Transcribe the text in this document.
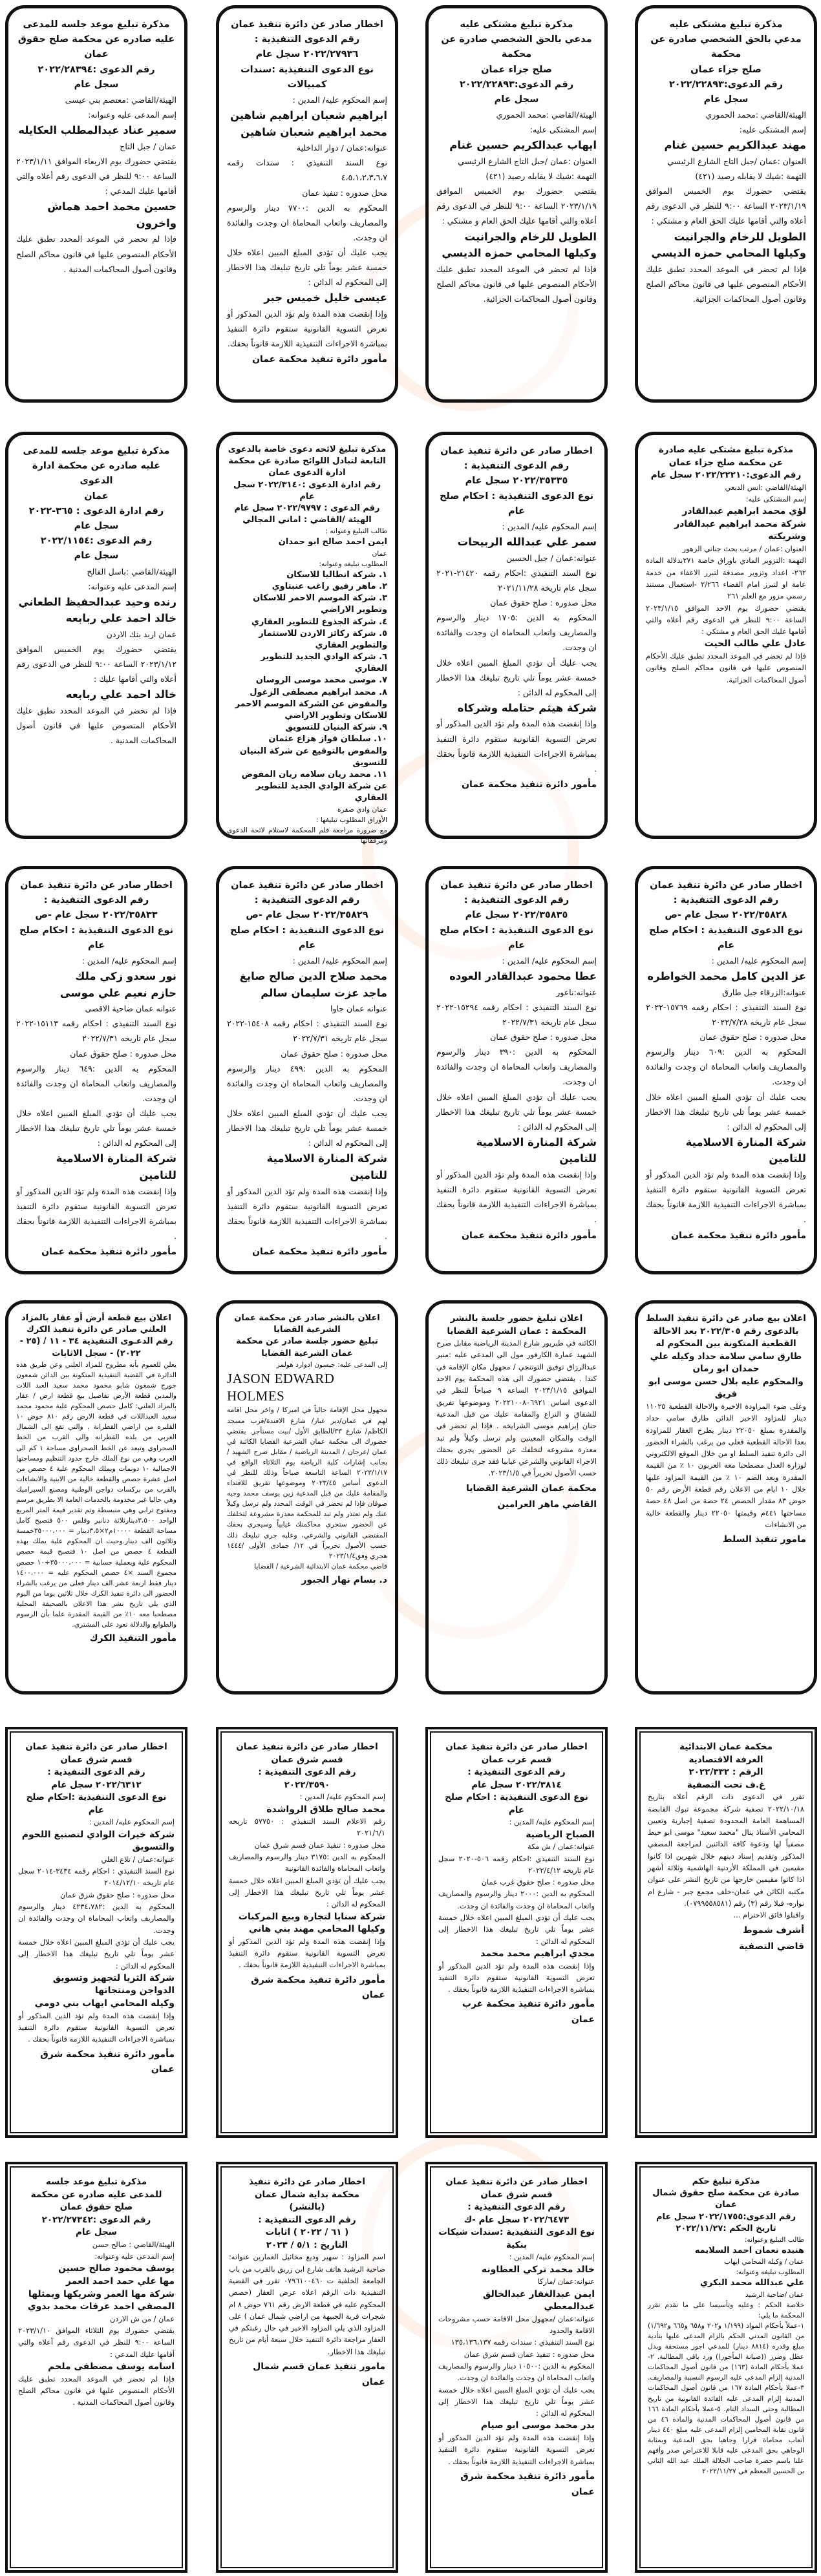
مذكرة تبليغ مشتكى عليه
مدعي بالحق الشخصي صادرة عن محكمة
صلح جزاء عمان
رقم الدعوى:٢٠٢٢/٢٢٨٩٣
سجل عام
الهيئة/القاضي :محمد الحموري
إسم المشتكى عليه:
مهند عبدالكريم حسين غنام
العنوان :عمان /جبل التاج الشارع الرئيسي
التهمة :شيك لا يقابله رصيد (٤٢١)
يقتضي حضورك يوم الخميس الموافق ٢٠٢٣/١/١٩ الساعة ٩:٠٠ للنظر في الدعوى رقم أعلاه والتي أقامها عليك الحق العام و مشتكي :
الطويل للرخام والجرانيت
وكيلها المحامي حمزه الديسي
فإذا لم تحضر في الموعد المحدد تطبق عليك الأحكام المنصوص عليها في قانون محاكم الصلح وقانون أصول المحاكمات الجزائية.
مذكرة تبليغ مشتكى عليه
مدعي بالحق الشخصي صادرة عن محكمة
صلح جزاء عمان
رقم الدعوى:٢٠٢٢/٢٢٨٩٣
سجل عام
الهيئة/القاضي :محمد الحموري
إسم المشتكى عليه:
ايهاب عبدالكريم حسين غنام
العنوان :عمان /جبل التاج الشارع الرئيسي
التهمة :شيك لا يقابله رصيد (٤٢١)
يقتضي حضورك يوم الخميس الموافق ٢٠٢٣/١/١٩ الساعة ٩:٠٠ للنظر في الدعوى رقم أعلاه والتي أقامها عليك الحق العام و مشتكي :
الطويل للرخام والجرانيت
وكيلها المحامي حمزه الديسي
فإذا لم تحضر في الموعد المحدد تطبق عليك الأحكام المنصوص عليها في قانون محاكم الصلح وقانون أصول المحاكمات الجزائية.
اخطار صادر عن دائرة تنفيذ عمان
رقم الدعوى التنفيذية :
٢٠٢٢/٢٧٩٣٦ سجل عام
نوع الدعوى التنفيذية :سندات كمبيالات
إسم المحكوم عليه/ المدين :
ابراهيم شعبان ابراهيم شاهين
محمد ابراهيم شعبان شاهين
عنوانه:عمان / دوار الداخلية
نوع السند التنفيذي : سندات رقمه ٤،٥،١،٢،٣،٦،٧
محل صدوره : تنفيذ عمان
المحكوم به الدين :٧٧٠٠ دينار والرسوم والمصاريف واتعاب المحاماة ان وجدت والفائدة ان وجدت.
يجب عليك أن تؤدي المبلغ المبين اعلاه خلال خمسة عشر يوماً تلي تاريخ تبليغك هذا الاخطار إلى المحكوم له الدائن :
عيسى خليل خميس جبر
وإذا إنقضت هذه المدة ولم تؤد الدين المذكور أو تعرض التسوية القانونية ستقوم دائرة التنفيذ بمباشرة الاجراءات التنفيذية اللازمة قانوناً بحقك.
مأمور دائرة تنفيذ محكمة عمان
مذكرة تبليغ موعد جلسه للمدعى
عليه صادره عن محكمة صلح حقوق عمان
رقم الدعوى :٢٠٢٢/٢٨٣٩٤
سجل عام
الهيئة/القاضي :معتصم بني عيسى
إسم المدعى عليه وعنوانه:
سمير عناد عبدالمطلب العكايله
عمان / جبل التاج
يقتضي حضورك يوم الاربعاء الموافق ٢٠٢٣/١/١١ الساعة ٩:٠٠ للنظر في الدعوى رقم أعلاه والتي أقامها عليك المدعي :
حسين محمد احمد هماش واخرون
فإذا لم تحضر في الموعد المحدد تطبق عليك الأحكام المنصوص عليها في قانون محاكم الصلح وقانون أصول المحاكمات المدنية .
مذكرة تبليغ مشتكى عليه صادرة
عن محكمة صلح جزاء عمان
رقم الدعوى:٢٠٢٢/٢٢٢١٠ سجل عام
الهيئة/القاضي :انس الدبعي
إسم المشتكى عليه:
لؤي محمد ابراهيم عبدالقادر
شركة محمد ابراهيم عبدالقادر وشريكته
العنوان :عمان / مرتب بحث جناني الزهور
التهمة :التزوير المادي باوراق خاصة ٢٧١بدلالة المادة ٢٦٢- اعداد وتزوير مصدقة لتبرر الاعفاء من خدمة عامة او لتبرز امام القضاء ٢/٢٦٦ -استعمال مستند رسمي مزور مع العلم ٢٦١
يقتضي حضورك يوم الاحد الموافق ٢٠٢٣/١/١٥ الساعة ٩:٠٠ للنظر في الدعوى رقم أعلاه والتي أقامها عليك الحق العام و مشتكي :
عادل علي طالب الحيت
فإذا لم تحضر في الموعد المحدد تطبق عليك الأحكام المنصوص عليها في قانون محاكم الصلح وقانون أصول المحاكمات الجزائية.
اخطار صادر عن دائرة تنفيذ عمان
رقم الدعوى التنفيذية :
٢٠٢٢/٣٥٣٣٥ سجل عام
نوع الدعوى التنفيذية : احكام صلح عام
إسم المحكوم عليه/ المدين :
سمر علي عبدالله الربيحات
عنوانه:عمان / جبل الحسين
نوع السند التنفيذي :احكام رقمه ٢١٤٢٠-٢٠٢١ سجل عام تاريخه ٢٠٢١/١١/٢٨
محل صدوره : صلح حقوق عمان
المحكوم به الدين :١٧٠٥ دينار والرسوم والمصاريف واتعاب المحاماة ان وجدت والفائدة ان وجدت.
يجب عليك أن تؤدي المبلغ المبين اعلاه خلال خمسة عشر يوماً تلي تاريخ تبليغك هذا الاخطار إلى المحكوم له الدائن :
شركة هيثم حتامله وشركاه
وإذا إنقضت هذه المدة ولم تؤد الدين المذكور أو تعرض التسوية القانونية ستقوم دائرة التنفيذ بمباشرة الاجراءات التنفيذية اللازمة قانوناً بحقك .
مأمور دائرة تنفيذ محكمة عمان
مذكرة تبليغ لائحه دعوى خاصة بالدعوى التابعة لتبادل اللوائح صادرة عن محكمة ادارة الدعوى عمان
رقم ادارة الدعوى :٢٠٢٢/٣١٤٠ سجل عام
رقم الدعوى : ٢٠٢٢/٩٧٩٧ سجل عام
الهيئة /القاضي : اماني المجالي
طالب التبليغ وعنوانه :
ايمن احمد صالح ابو حمدان
عمان
المطلوب تبليغه وعنوانه:
١. شركة انطاليا للاسكان
٢. ماهر رفيق راغب عنبتاوي
٣. شركة الموسم الاحمر للاسكان وتطوير الاراضي
٤. شركة الجذوع للتطوير العقاري
٥. شركة ركائز الاردن للاستثمار والتطوير العقاري
٦. شركة الوادي الجديد للتطوير العقاري
٧. موسى محمد موسى الروسان
٨. محمد ابراهيم مصطفى الزغول والمفوض عن الشركة الموسم الاحمر للاسكان وتطوير الاراضي
٩. شركة البنيان للتسويق
١٠. سلطان فواز هزاع عثمان والمفوض بالتوقيع عن شركة البنيان للتسويق
١١. محمد ريان سلامه ريان المفوض عن شركة الوادي الجديد للتطوير العقاري
عمان وادي صقرة
الأوراق المطلوب تبليغها :
مع ضرورة مراجعة قلم المحكمة لاستلام لائحة الدعوى ومرفقاتها
مذكرة تبليغ موعد جلسه للمدعى
عليه صادره عن محكمة ادارة الدعوى
عمان
رقم ادارة الدعوى : ٣٦٥-٢٠٢٢
سجل عام
رقم الدعوى :٢٠٢٢/١١٥٤
سجل عام
الهيئة/القاضي :باسل الفالح
إسم المدعى عليه وعنوانه:
رنده وحيد عبدالحفيظ الطعاني
خالد احمد علي ربابعه
عمان اربد بنك الاردن
يقتضي حضورك يوم الخميس الموافق ٢٠٢٣/١/١٢ الساعة ٩:٠٠ للنظر في الدعوى رقم أعلاه والتي أقامها عليك :
خالد احمد علي ربابعه
فإذا لم تحضر في الموعد المحدد تطبق عليك الأحكام المنصوص عليها في قانون أصول المحاكمات المدنية .
اخطار صادر عن دائرة تنفيذ عمان
رقم الدعوى التنفيذية :
٢٠٢٢/٣٥٨٢٨ سجل عام -ص
نوع الدعوى التنفيذية : احكام صلح عام
إسم المحكوم عليه/ المدين :
عز الدين كامل محمد الخواطره
عنوانه:الزرقاء جبل طارق
نوع السند التنفيذي : احكام رقمه ١٥٧٦٩-٢٠٢٢ سجل عام تاريخه ٢٠٢٢/٧/٢٨
محل صدوره : صلح حقوق عمان
المحكوم به الدين :٦٠٩ دينار والرسوم والمصاريف واتعاب المحاماة ان وجدت والفائدة ان وجدت.
يجب عليك أن تؤدي المبلغ المبين اعلاه خلال خمسة عشر يوماً تلي تاريخ تبليغك هذا الاخطار إلى المحكوم له الدائن :
شركة المنارة الاسلامية للتامين
وإذا إنقضت هذه المدة ولم تؤد الدين المذكور أو تعرض التسوية القانونية ستقوم دائرة التنفيذ بمباشرة الاجراءات التنفيذية اللازمة قانوناً بحقك .
مأمور دائرة تنفيذ محكمة عمان
اخطار صادر عن دائرة تنفيذ عمان
رقم الدعوى التنفيذية :
٢٠٢٢/٣٥٨٣٥ سجل عام
نوع الدعوى التنفيذية : احكام صلح عام
إسم المحكوم عليه/ المدين :
عطا محمود عبدالقادر العوده
عنوانه:ناعور
نوع السند التنفيذي : احكام رقمه ١٥٢٩٤-٢٠٢٢ سجل عام تاريخه ٢٠٢٢/٧/٣١
محل صدوره : صلح حقوق عمان
المحكوم به الدين :٣٩٠ دينار والرسوم والمصاريف واتعاب المحاماة ان وجدت والفائدة ان وجدت.
يجب عليك أن تؤدي المبلغ المبين اعلاه خلال خمسة عشر يوماً تلي تاريخ تبليغك هذا الاخطار إلى المحكوم له الدائن :
شركة المنارة الاسلامية للتامين
وإذا إنقضت هذه المدة ولم تؤد الدين المذكور أو تعرض التسوية القانونية ستقوم دائرة التنفيذ بمباشرة الاجراءات التنفيذية اللازمة قانوناً بحقك .
مأمور دائرة تنفيذ محكمة عمان
اخطار صادر عن دائرة تنفيذ عمان
رقم الدعوى التنفيذية :
٢٠٢٢/٣٥٨٢٩ سجل عام -ص
نوع الدعوى التنفيذية : احكام صلح عام
إسم المحكوم عليه/ المدين :
محمد صلاح الدين صالح صايغ
ماجد عزت سليمان سالم
عنوانه عمان جاوا
نوع السند التنفيذي : احكام رقمه ١٥٤٠٨-٢٠٢٢ سجل عام تاريخه ٢٠٢٢/٧/٣١
محل صدوره : صلح حقوق عمان
المحكوم به الدين :٤٩٩ دينار والرسوم والمصاريف واتعاب المحاماة ان وجدت والفائدة ان وجدت.
يجب عليك أن تؤدي المبلغ المبين اعلاه خلال خمسة عشر يوماً تلي تاريخ تبليغك هذا الاخطار إلى المحكوم له الدائن :
شركة المنارة الاسلامية للتامين
وإذا إنقضت هذه المدة ولم تؤد الدين المذكور أو تعرض التسوية القانونية ستقوم دائرة التنفيذ بمباشرة الاجراءات التنفيذية اللازمة قانوناً بحقك .
مأمور دائرة تنفيذ محكمة عمان
اخطار صادر عن دائرة تنفيذ عمان
رقم الدعوى التنفيذية :
٢٠٢٢/٣٥٨٣٣ سجل عام -ص
نوع الدعوى التنفيذية : احكام صلح عام
إسم المحكوم عليه/ المدين :
نور سعدو زكي ملك
حازم نعيم علي موسى
عنوانه عمان ضاحية الاقصى
نوع السند التنفيذي : احكام رقمه ١٥١١٣-٢٠٢٢ سجل عام تاريخه ٢٠٢٢/٧/٣١
محل صدوره : صلح حقوق عمان
المحكوم به الدين :٦٤٩ دينار والرسوم والمصاريف واتعاب المحاماة ان وجدت والفائدة ان وجدت.
يجب عليك أن تؤدي المبلغ المبين اعلاه خلال خمسة عشر يوماً تلي تاريخ تبليغك هذا الاخطار إلى المحكوم له الدائن :
شركة المنارة الاسلامية للتامين
وإذا إنقضت هذه المدة ولم تؤد الدين المذكور أو تعرض التسوية القانونية ستقوم دائرة التنفيذ بمباشرة الاجراءات التنفيذية اللازمة قانوناً بحقك .
مأمور دائرة تنفيذ محكمة عمان
اعلان بيع صادر عن دائرة تنفيذ السلط بالدعوى رقم ٢٠٢٢/٣٠٥ بعد الاحالة القطعية المتكونة بين المحكوم له طارق سامي سلامة حداد وكيله علي حمدان ابو رمان
والمحكوم عليه بلال حسن موسى ابو قريق
وعلى ضوء المزاودة الاخيرة والاحالة القطعية ١١٠٢٥ دينار للمزاود الاخير الدائن طارق سامي حداد والمقدرة بمبلغ ٢٢٠٥٠ دينار يطرح العقار للمزاودة بعدا الاحالة القطعية فعلى من يرغب بالشراء الحضور الى دائرة تنفيذ السلط او من خلال الموقع الالكتروني لوزارة العدل مصطحبا معه العربون ١٠ ٪ من القيمة المقدرة وبعد الضم ١٠ ٪ من القيمة المزاود عليها خلال ١٠ ايام من الاعلان رقم قطعة الأرض رقم ٥٠ حوض ٨٣ مقدار الحصص ٢٤ حصة من اصل ٤٨ حصة مساحتها ٤٤١م وقيمتها ٢٢٠٥٠ دينار والقطعة خالية من الانشاءات
مامور تنفيذ السلط
اعلان تبليغ حضور جلسة بالنشر
المحكمة : عمان الشرعية القضايا
الكائنه في طبربور شارع المدينة الرياضية مقابل صرح الشهيد عمارة الكارفور مول الى المدعى عليه :منير عبدالرزاق توفيق التوتنجي / مجهول مكان الإقامة في كندا . يقتضي حضورك الى هذه المحكمة يوم الاحد الموافق ٢٠٢٣/١/١٥ الساعة ٩ صباحاً للنظر في الدعوى اساس ٢٠٢٢١٠٠٨٠٦٩٢١ وموضوعها تفريق للشقاق و النزاع والمقامة عليك من قبل المدعية حنان إبراهيم موسى الشرايخه . فإذا لم تحضر في الوقت والمكان المعينين ولم ترسل وكيلاً ولم تبد معذرة مشروعه لتخلفك عن الحضور يجري بحقك الاجراء القانوني والشرعي غيابيا فقد جرى تبليغك ذلك حسب الأصول تحريراً في ٢٠٢٣/١/٥.
محكمة عمان الشرعية القضايا
القاضي ماهر العرامين
اعلان بالنشر صادر عن محكمة عمان الشرعية القضايا
تبليغ حضور جلسة صادر عن محكمة عمان الشرعية القضايا
إلى المدعى عليه: جيسون ادوارد هولمز
JASON EDWARD HOLMES
مجهول محل الإقامة حالياً في اميركا / واخر محل اقامه لهم في عمان/دير غبار/ شارع الافندة/قرب مسجد الكاظم/ شارع ٣٣/الطابق الأول /بيت مستأجر. يقتضي حضورك الى محكمة عمان الشرعية القضايا الكائنة في عمان /عرجان / المدينة الرياضية / مقابل صرح الشهيد /بجانب إشارات كلية الرياضة يوم الثلاثاء الواقع في ٢٠٢٣/١/١٧ الساعة التاسعة صباحاً وذلك للنظر في الدعوى أساس ٢٠٢٣/٤٥ وموضوعها تفريق للافتداء والمقامة عليك من قبل المدعية زين يوسف محمد وجيه صوفان فإذا لم تحضر في الوقت المحدد ولم ترسل وكيلاً عنك ولم تعتذر ولم تبد للمحكمة معذرة مشروعة لتخلفك عن الحضور ستجري محاكمتك غيابياً وسيجري بحقك المقتضى القانوني والشرعي، وعليه جرى تبليغك ذلك حسب الأصول تحريراً في ١٢/ جمادى الأولى /١٤٤٤ هجري وفق٢٠٢٣/١/٤
قاضي محكمة عمان الابتدائية الشرعية / القضايا
د. بسام نهار الجبور
اعلان بيع قطعة أرض أو عقار بالمزاد العلني صادر عن دائرة تنفيذ الكرك
رقم الدعـوى التنفيذية ٣٤ - ١١ / (٢٥ - ٢٠٢٢) - سجل الاثابات
يعلن للعموم بأنه مطروح للمزاد العلني وعن طريق هذه الدائرة في القضية التنفيذية المتكونة بين الدائن شمعون جورج شمعون شابو محمود محمد سعيد العبد اللات والمدين قطعة الأرض تفاصيل بيع قطعة ارض / عقار بالمزاد العلني: كامل حصص المحكوم علية محمود محمد سعيد العبداللات في قطعة الارض رقم ٨١٠ حوض ١٠ القلبره من اراضي القطرانة . والتي تقع الى الشمال الغربي من بلده القطرانه والى القرب من الخط الصحراوي وتبعد عن الخط الصحراوي مساحة ١ كم الى الغرب وهي من نوع الملك خارج حدود التنظيم ومساحتها الاجمالية ١٠ دونمات ويملك المحكوم علية ٤ حصص من اصل عشرة حصص والقطعة خالية من الابنية والانشاءات بالقرب من بركسات دواجن الوطنية ومصنع السيراميك وهي حاليا غير مخدومة بالخدمات العامة الا بطريق مرسم ومفتوح ترابي وهي منبسطة وتم تقدير قيمة المتر المربع الواحد ٣،٥٠٠دينارثلاثة دنانير وفلس ٥٠٠ فتصبح كامل مساحة القطعة ١٠٠٠٠م٢×٣،٥دينار = ٣٥٠٠٠،٠٠٠خمسة وثلاثون الف دينار.وحيث ان المحكوم علية يملك بهذه القطعة ٤ حصص من اصل ١٠ فتصبح قيمة حصص المحكوم علية وبعملية حسابية = ٣٥٠٠٠،٠٠٠÷١٠ حصص مجموع السند ×٤ حصص المحكوم عليه = ١٤٠٠،٠٠٠ دينار فقط اربعة عشر الف دينار فعلى من يرغب بالشراء الحضور الى دائرة تنفيذ الكرك خلال ثلاثين يوما من اليوم الذي يلي تاريخ نشر هذا الاعلان بالصحيفة المحلية مصطحبا معه ١٠٪ من القيمة المقدرة علما بأن الرسوم والطوابع والدلالة تعود على المشتري.
مأمور التنفيذ الكرك
محكمة عمان الابتدائية
الغرفة الاقتصادية
الرقم : ٢٠٢٢/٣٣٢
غ.ف تحت التصفية
تقرر في الدعوى ذات الرقم أعلاه بتاريخ ٢٠٢٢/١٠/١٨ تصفية شركة مجموعة تبوك القابضة المساهمة العامة المحدودة تصفية إجبارية وتعيين المحامي الأستاذ ينال "محمد سعيد" موسى ابو خيط مصفياً لها ودعوة كافة الدائنين لمراجعة المصفي المذكور وتقديم إسناد دينهم خلال شهرين اذا كانوا مقيمين في المملكة الأردنية الهاشمية وثلاثة أشهر اذا كانوا مقيمين خارجها من تاريخ النشر على عنوان مكتبه الكائن في عمان-خلف مجمع جبر - شارع ام نواره- فيلا رقم (٣) رقم (٠٧٩٩٥٥٨٥٨١).
واقبلوا فائق الاحترام ...
أشرف شموط
قاضي التصفية
اخطار صادر عن دائرة تنفيذ عمان قسم غرب عمان
رقم الدعوى التنفيذية :
٢٠٢٢/٣٨١٤ سجل عام
نوع الدعوى التنفيذية : احكام صلح عام
إسم المحكوم عليه/ المدين :
الصباح الرياضية
عنوانه:عمان / ش مكة
نوع السند التنفيذي :احكام رقمه ٥٠٦-٢٠٢٠ سجل عام تاريخه ٢٠٢٢/٤/١٢
محل صدوره : صلح حقوق غرب عمان
المحكوم به الدين :٢٠٠٠ دينار والرسوم والمصاريف واتعاب المحاماة ان وجدت والفائدة ان وجدت.
يجب عليك أن تؤدي المبلغ المبين اعلاه خلال خمسة عشر يوماً تلي تاريخ تبليغك هذا الاخطار إلى المحكوم له الدائن :
مجدي ابراهيم محمد محمد
وإذا إنقضت هذه المدة ولم تؤد الدين المذكور أو تعرض التسوية القانونية ستقوم دائرة التنفيذ بمباشرة الاجراءات التنفيذية اللازمة قانوناً بحقك .
مأمور دائرة تنفيذ محكمة غرب عمان
اخطار صادر عن دائرة تنفيذ عمان قسم شرق عمان
رقم الدعوى التنفيذية :
٢٠٢٢/٣٥٩٠
إسم المحكوم عليه/ المدين :
محمد صالح طلاق الرواشدة
رقم الاعلام السند التنفيذي : ٥٧٧٥٠ تاريخه ٢٠٢١/٦/١
محل صدوره : تنفيذ عمان قسم شرق عمان
المحكوم به الدين :٣١٧٥ دينار والرسوم والمصاريف واتعاب المحاماة والفائدة القانونية
يجب عليك أن تؤدي المبلغ المبين اعلاه خلال خمسة عشر يوماً تلي تاريخ تبليغك هذا الاخطار إلى المحكوم له الدائن :
شركة سنايا لتجارة وبيع المركبات
وكيلها المحامي مهند بني هاني
وإذا إنقضت هذه المدة ولم تؤد الدين المذكور أو تعرض التسوية القانونية ستقوم دائرة التنفيذ بمباشرة الاجراءات التنفيذية اللازمة قانوناً بحقك .
مأمور دائرة تنفيذ محكمة شرق عمان
اخطار صادر عن دائرة تنفيذ عمان
قسم شرق عمان
رقم الدعوى التنفيذية :
٢٠٢٢/٦٣١٢ سجل عام
نوع الدعوى التنفيذية :احكام صلح عام
إسم المحكوم عليه/ المدين :
شركة خيرات الوادي لتصنيع اللحوم والتسويق
عنوانه:عمان / تلاع العلي
نوع السند التنفيذي : احكام رقمه ٣٤٣٤-٢٠١٤ سجل عام تاريخه ٢٠١٤/١٢/١٠
محل صدوره : صلح حقوق شرق عمان
المحكوم به الدين :٤٢٣٤،٧٨٢ دينار والرسوم والمصاريف واتعاب المحاماة ان وجدت والفائدة ان وجدت.
يجب عليك أن تؤدي المبلغ المبين اعلاه خلال خمسة عشر يوماً تلي تاريخ تبليغك هذا الاخطار إلى المحكوم له الدائن :
شركة الثريا لتجهيز وتسويق الدواجن ومنتجاتها
وكيله المحامي ايهاب بني دومي
وإذا إنقضت هذه المدة ولم تؤد الدين المذكور أو تعرض التسوية القانونية ستقوم دائرة التنفيذ بمباشرة الاجراءات التنفيذية اللازمة قانوناً بحقك .
مأمور دائرة تنفيذ محكمة شرق عمان
مذكرة تبليغ حكم
صادرة عن محكمة صلح حقوق شمال عمان
رقم الدعوى:٢٠٢٢/١٧٥٥ سجل عام
تاريخ الحكم :٢٠٢٢/١١/٢٧
طالب التبليغ وعنوانه:
هنيده نعمان احمد السلايمه
عمان / وكيله المحامي ايهاب
المطلوب تبليغه وعنوانه:
علي عبدالله محمد البكري
عمان /ضاحية الرشيد
خلاصة الحكم : وعليه وتأسيسا على ما تقدم تقرر المحكمة ما يلي:
١-عملاً بأحكام المواد (١/١٩٩ و٢٠٢ و٦٥٨ و٦٦٥ و١/٦٩٢) من القانون المدني الحكم بالزام المدعى عليها بتأدية مبلغ وقدره (٨٨١٤ دينار) للمدعي اجور مستحقة وبدل عطل وضرر ((صيانة المأجور)) ورد باقي المطالبة. ٢-عملا بأحكام المادة (١٦٣) من قانون أصول المحاكمات المدنية إلزام المدعى عليه الرسوم النسبية والمصاريف. ٣-عملا بأحكام المادة ١٦٧ من قانون أصول المحاكمات المدنية إلزام المدعى عليه الفائدة القانونية من تاريخ المطالبة وحتى السداد التام. ٥-عملا بأحكام المادة ١٦٦ من قانون أصول المحاكمات المدنية والمادة ٤٦ من قانون نقابة المحامين إلزام المدعى عليه مبلغ ٤٤٠ دينار أتعاب محاماة قرارا وجاهيا بحق المدعية وبمثابة الوجاهي بحق المدعى عليه قابلا للاعتراض صدر وأفهم علنا باسم حضرة صاحب الجلالة الملك عبد الله الثاني بن الحسين المعظم في ٢٠٢٢/١١/٢٧
اخطار صادر عن دائرة تنفيذ عمان
قسم شرق عمان
رقم الدعوى التنفيذية :
٢٠٢٢/٦٤٧٣ سجل عام -ك
نوع الدعوى التنفيذية :سندات شيكات بنكية
إسم المحكوم عليه/ المدين :
خالد محمد تركي العطاونه
عنوانه:عمان /ماركا
ايمن عبدالغفار عبدالخالق عبدالمعطي
عنوانه:عمان /مجهول محل الاقامة حسب مشروحات الاقامة والحدود
نوع السند التنفيذي : سندات رقمه ١٣٥،١٣٦،١٣٧
محل صدوره : تنفيذ عمان قسم شرق عمان
المحكوم به الدين :١٠٥٠٠ دينار والرسوم والمصاريف واتعاب المحاماة ان وجدت والفائدة ان وجدت.
يجب عليك أن تؤدي المبلغ المبين اعلاه خلال خمسة عشر يوماً تلي تاريخ تبليغك هذا الاخطار إلى المحكوم له الدائن :
بدر محمد موسى ابو صيام
وإذا إنقضت هذه المدة ولم تؤد الدين المذكور أو تعرض التسوية القانونية ستقوم دائرة التنفيذ بمباشرة الاجراءات التنفيذية اللازمة قانوناً بحقك .
مأمور دائرة تنفيذ محكمة شرق عمان
اخطار صادر عن دائرة تنفيذ
محكمة بداية شمال عمان
(بالنشر)
رقم الدعوى التنفيذية :
( ٦١ / ٢٠٢٢ ) اثابات
التاريخ : ٥/١ / ٢٠٢٣
اسم المزاود : سهير وديع مخائيل العمارين عنوانه: ضاحية الرشيد هاتف شارع ابن زريق بالقرب من باب الجامعة الخلفية ت ٠٧٩٦١٠٠٤٦٠ تقرر في القضية التنفيذية ذات الرقم اعلاه عرض العقار (حصص المحكوم عليه في قطعة الارض رقم ٧٦١ حوض ٨ ام شجرات قرية الجبيهة من اراضي شمال عمان ) على المزاود الذي يلي المزاود الاخير في حال رغبتكم في العقار مراجعة دائرة التنفيذ خلال سبعة أيام من تاريخ تبليغك هذا الاخطار.
مامور تنفيذ عمان قسم شمال عمان
مذكرة تبليغ موعد جلسه
للمدعى عليه صادره عن محكمة
صلح حقوق عمان
رقم الدعوى :٢٠٢٢/٢٧٣٤٢
سجل عام
الهيئة/القاضي : صالح حسن
إسم المدعى عليه وعنوانه:
يوسف محمود صالح حسين
مها علي حمد احمد العمر
شركة مها العمر وشريكها ويمثلها المصفي احمد عرفات محمد بدوي
عمان / من ش الاردن
يقتضي حضورك يوم الثلاثاء الموافق ٢٠٢٣/١/١٠ الساعة ٩:٠٠ للنظر في الدعوى رقم أعلاه والتي أقامها عليك المدعي :
اسامه يوسف مصطفى ملحم
فإذا لم تحضر في الموعد المحدد تطبق عليك الأحكام المنصوص عليها في قانون محاكم الصلح وقانون أصول المحاكمات المدنية .
